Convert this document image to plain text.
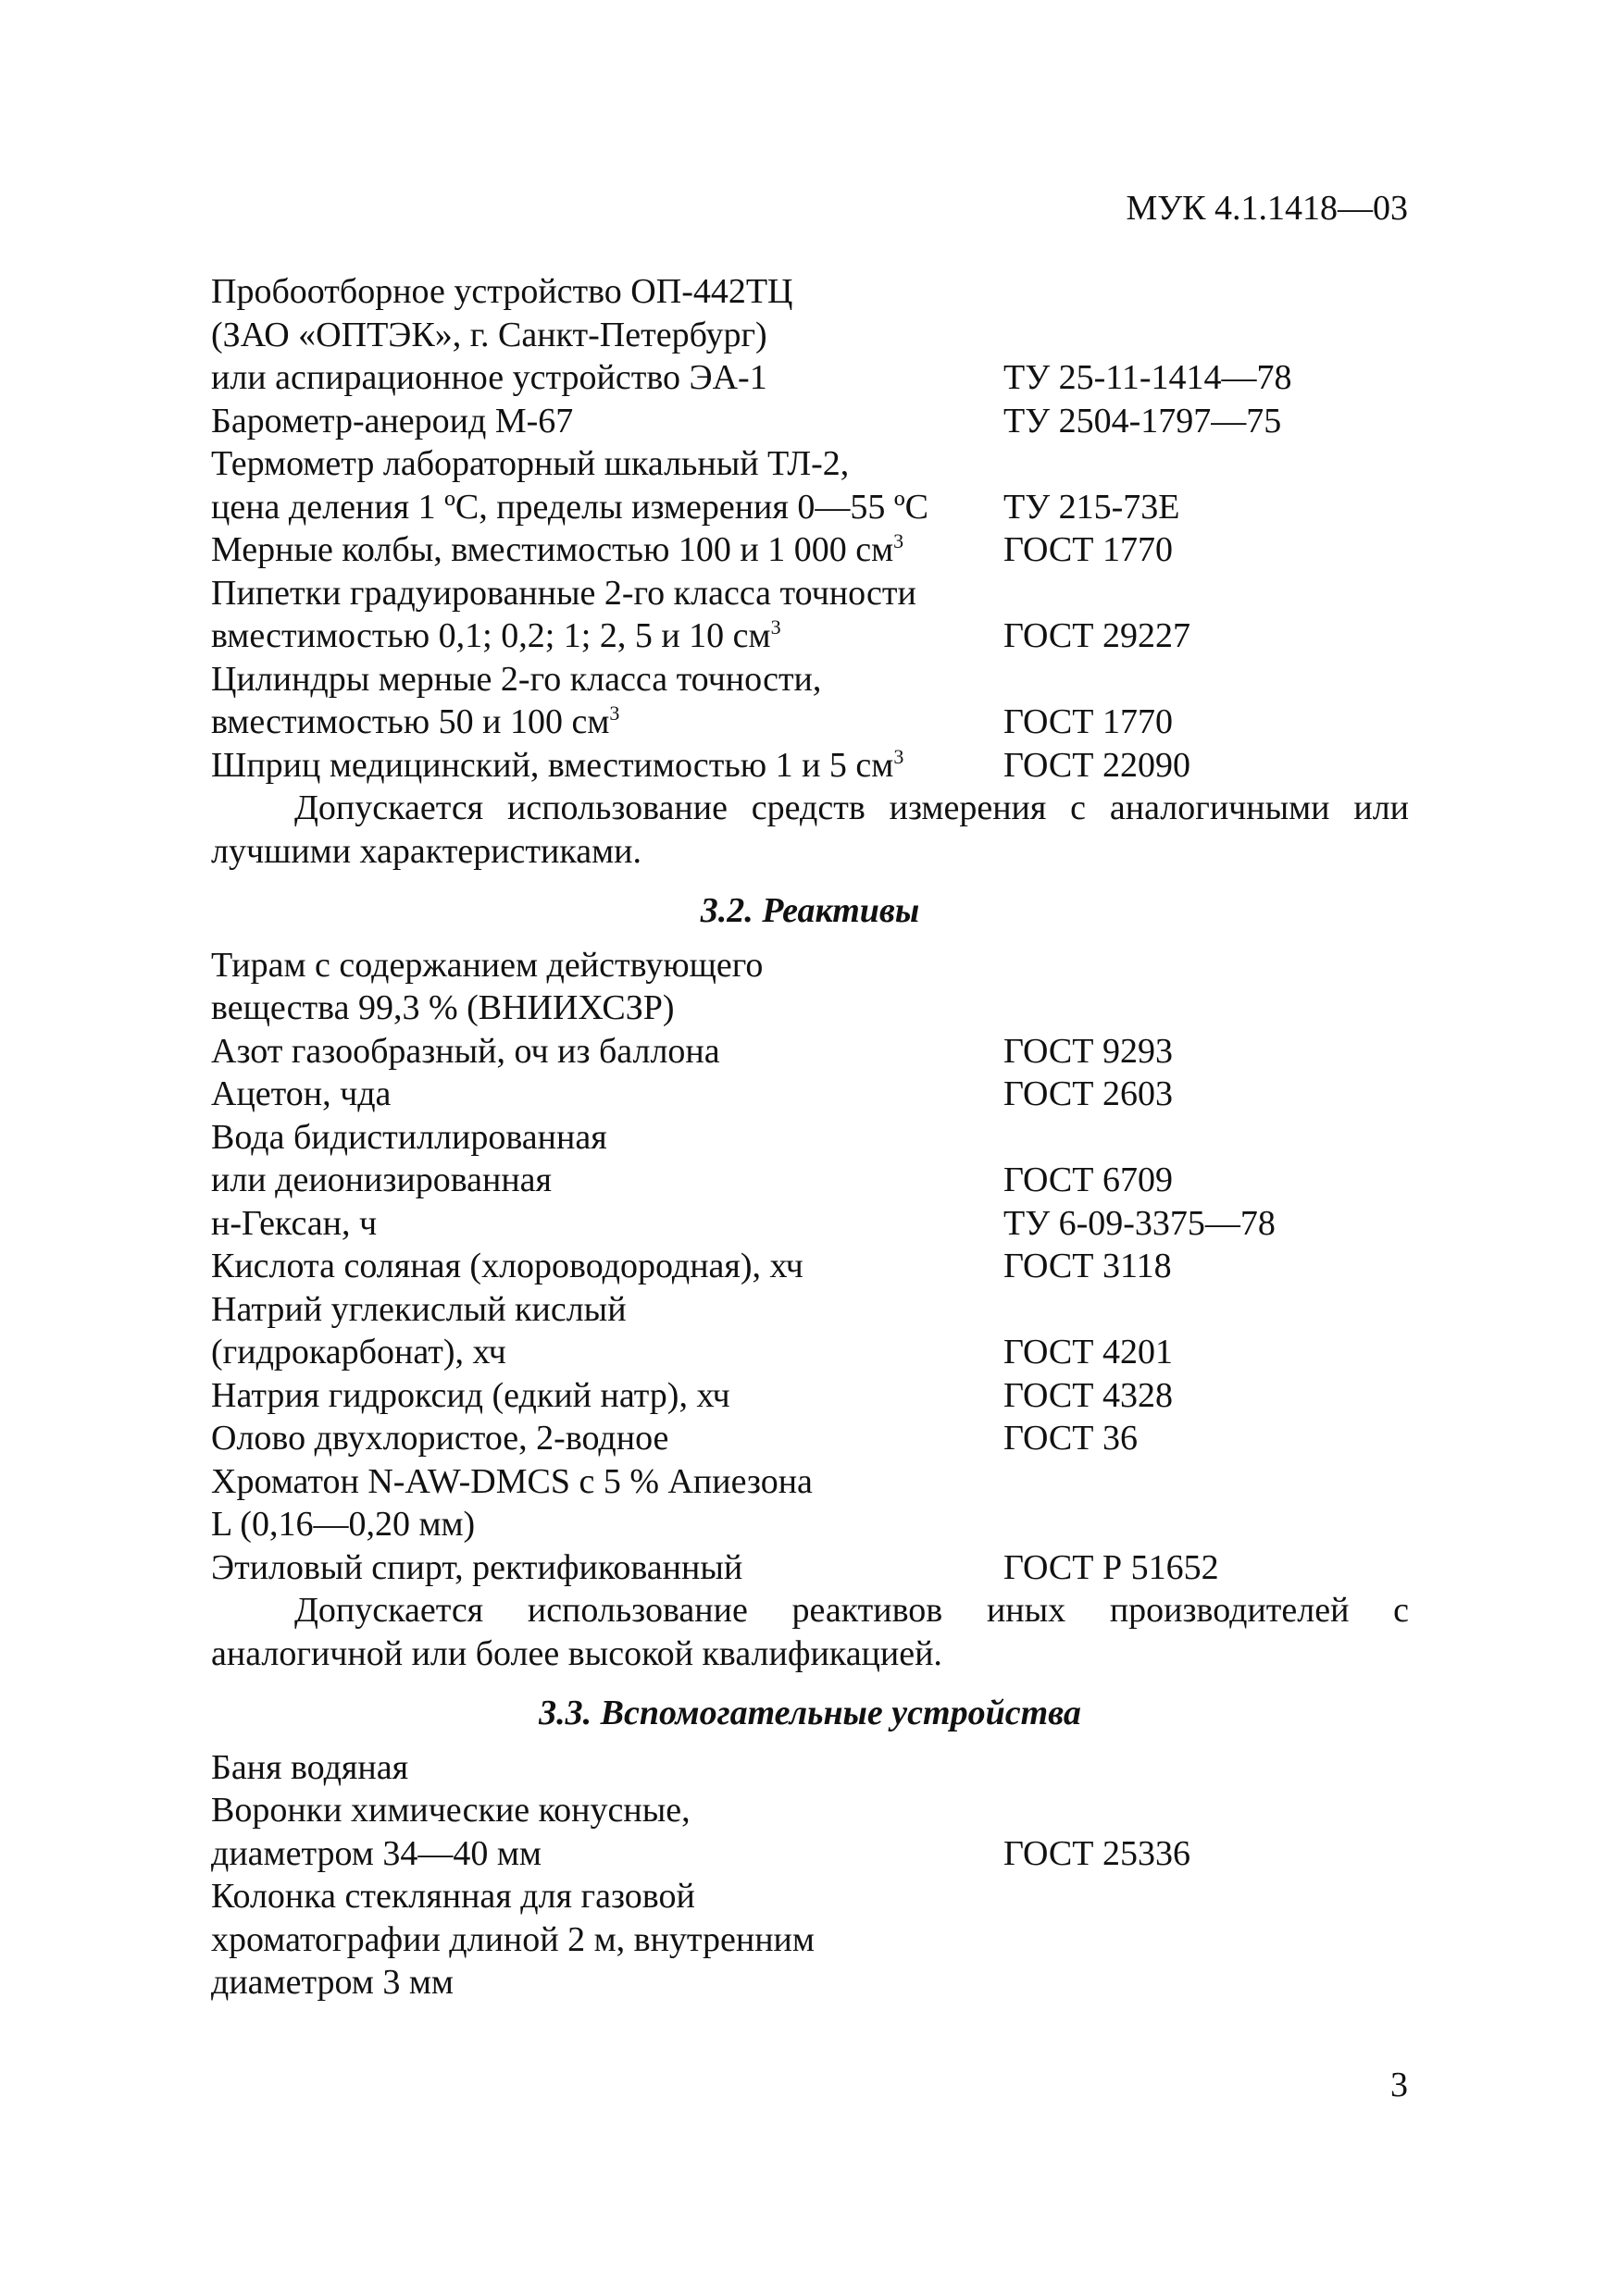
МУК 4.1.1418—03
Пробоотборное устройство ОП-442ТЦ
(ЗАО «ОПТЭК», г. Санкт-Петербург)
или аспирационное устройство ЭА-1	ТУ 25-11-1414—78
Барометр-анероид М-67	ТУ 2504-1797—75
Термометр лабораторный шкальный ТЛ-2,
цена деления 1 ºС, пределы измерения 0—55 ºС	ТУ 215-73Е
Мерные колбы, вместимостью 100 и 1 000 $см^3$	ГОСТ 1770
Пипетки градуированные 2-го класса точности
вместимостью 0,1; 0,2; 1; 2, 5 и 10 $см^3$	ГОСТ 29227
Цилиндры мерные 2-го класса точности,
вместимостью 50 и 100 $см^3$	ГОСТ 1770
Шприц медицинский, вместимостью 1 и 5 $см^3$	ГОСТ 22090
Допускается использование средств измерения с аналогичными или лучшими характеристиками.
3.2. Реактивы
Тирам с содержанием действующего
вещества 99,3 % (ВНИИХСЗР)
Азот газообразный, оч из баллона	ГОСТ 9293
Ацетон, чда	ГОСТ 2603
Вода бидистиллированная
или деионизированная	ГОСТ 6709
н-Гексан, ч	ТУ 6-09-3375—78
Кислота соляная (хлороводородная), хч	ГОСТ 3118
Натрий углекислый кислый
(гидрокарбонат), хч	ГОСТ 4201
Натрия гидроксид (едкий натр), хч	ГОСТ 4328
Олово двухлористое, 2-водное	ГОСТ 36
Хроматон N-AW-DMCS с 5 % Апиезона
L (0,16—0,20 мм)
Этиловый спирт, ректификованный	ГОСТ Р 51652
Допускается использование реактивов иных производителей с аналогичной или более высокой квалификацией.
3.3. Вспомогательные устройства
Баня водяная
Воронки химические конусные,
диаметром 34—40 мм	ГОСТ 25336
Колонка стеклянная для газовой
хроматографии длиной 2 м, внутренним
диаметром 3 мм
3
